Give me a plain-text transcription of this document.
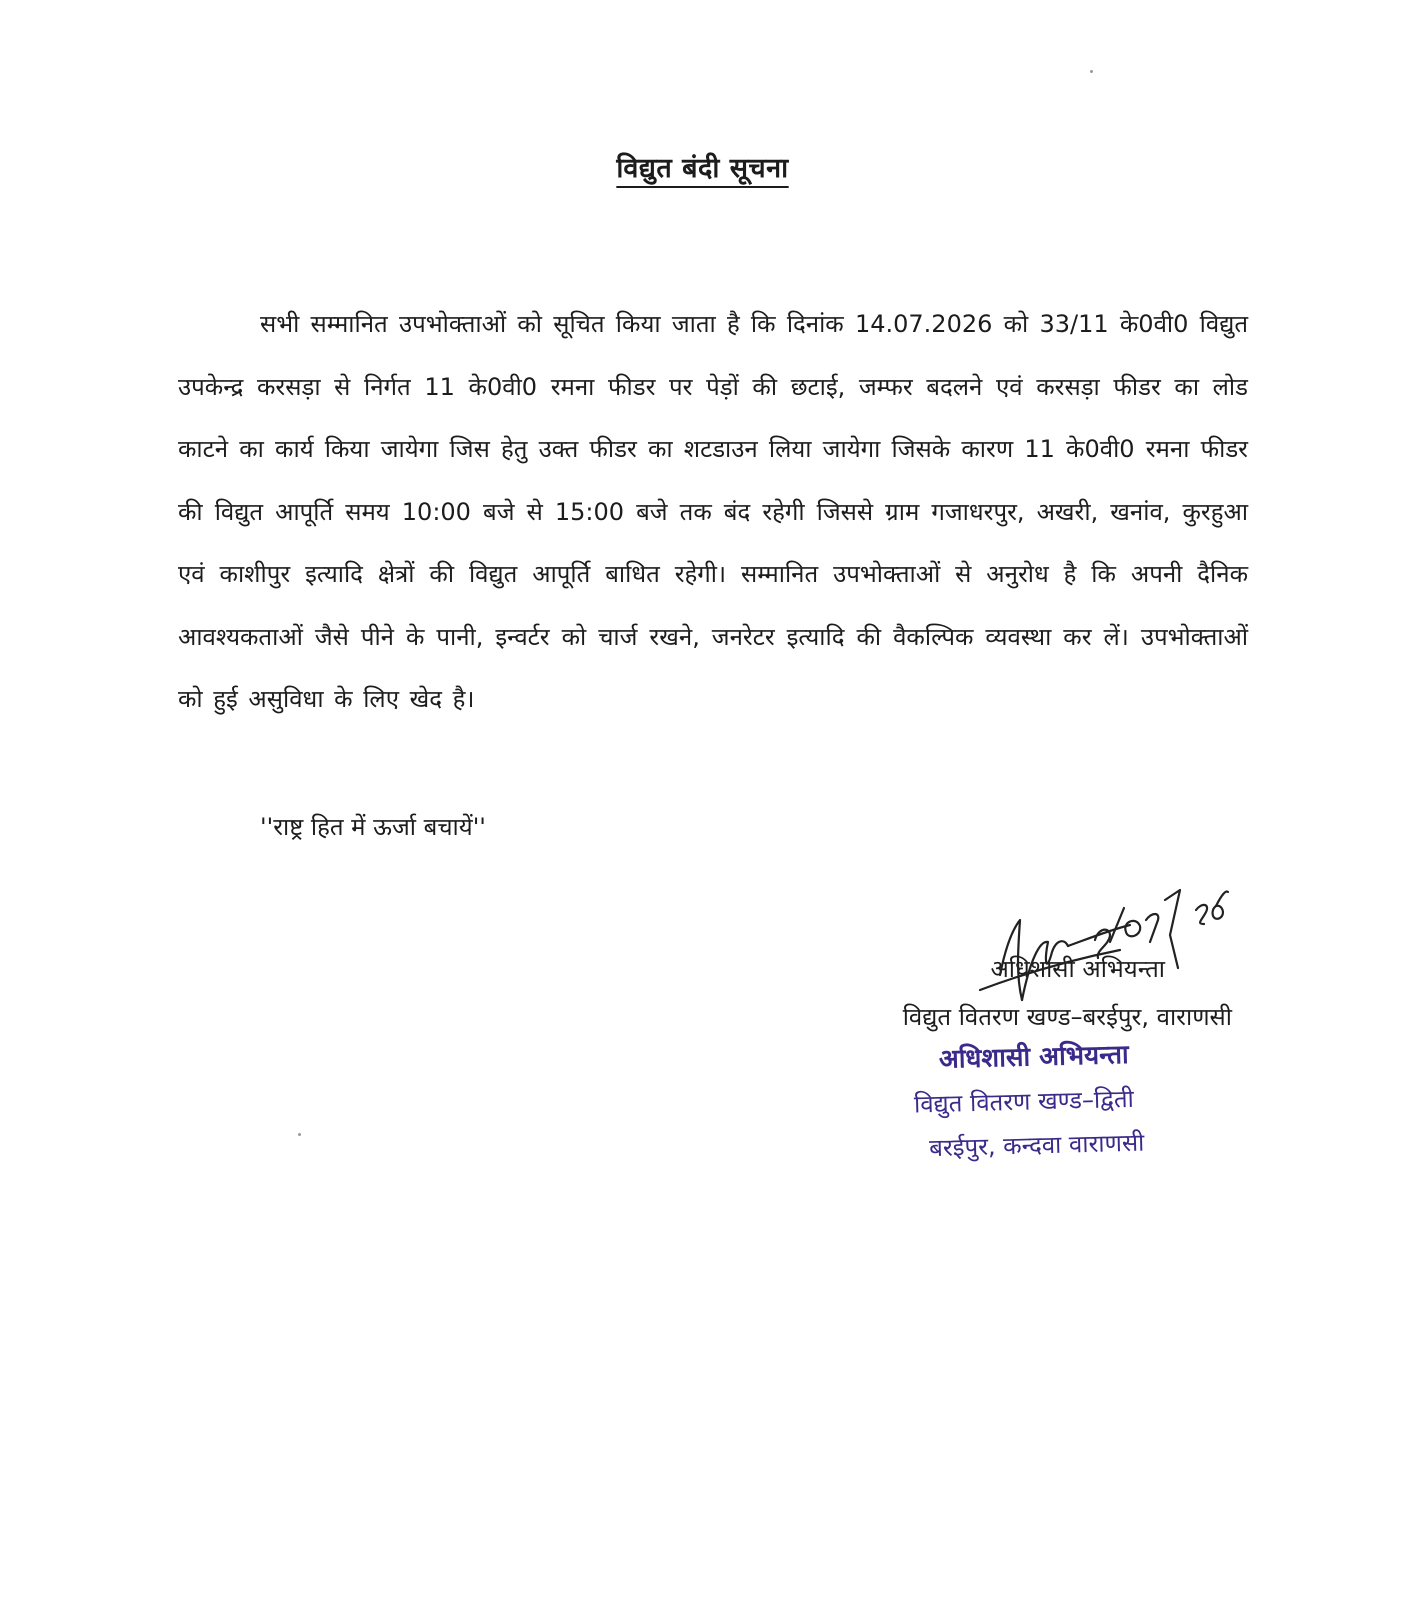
विद्युत बंदी सूचना

सभी सम्मानित उपभोक्ताओं को सूचित किया जाता है कि दिनांक 14.07.2026 को 33/11 के0वी0 विद्युत उपकेन्द्र करसड़ा से निर्गत 11 के0वी0 रमना फीडर पर पेड़ों की छटाई, जम्फर बदलने एवं करसड़ा फीडर का लोड काटने का कार्य किया जायेगा जिस हेतु उक्त फीडर का शटडाउन लिया जायेगा जिसके कारण 11 के0वी0 रमना फीडर की विद्युत आपूर्ति समय 10:00 बजे से 15:00 बजे तक बंद रहेगी जिससे ग्राम गजाधरपुर, अखरी, खनांव, कुरहुआ एवं काशीपुर इत्यादि क्षेत्रों की विद्युत आपूर्ति बाधित रहेगी। सम्मानित उपभोक्ताओं से अनुरोध है कि अपनी दैनिक आवश्यकताओं जैसे पीने के पानी, इन्वर्टर को चार्ज रखने, जनरेटर इत्यादि की वैकल्पिक व्यवस्था कर लें। उपभोक्ताओं को हुई असुविधा के लिए खेद है।

''राष्ट्र हित में ऊर्जा बचायें''
अधिशासी अभियन्ता
विद्युत वितरण खण्ड–बरईपुर, वाराणसी
अधिशासी अभियन्ता
विद्युत वितरण खण्ड–द्विती
बरईपुर, कन्दवा वाराणसी
13/07/26
